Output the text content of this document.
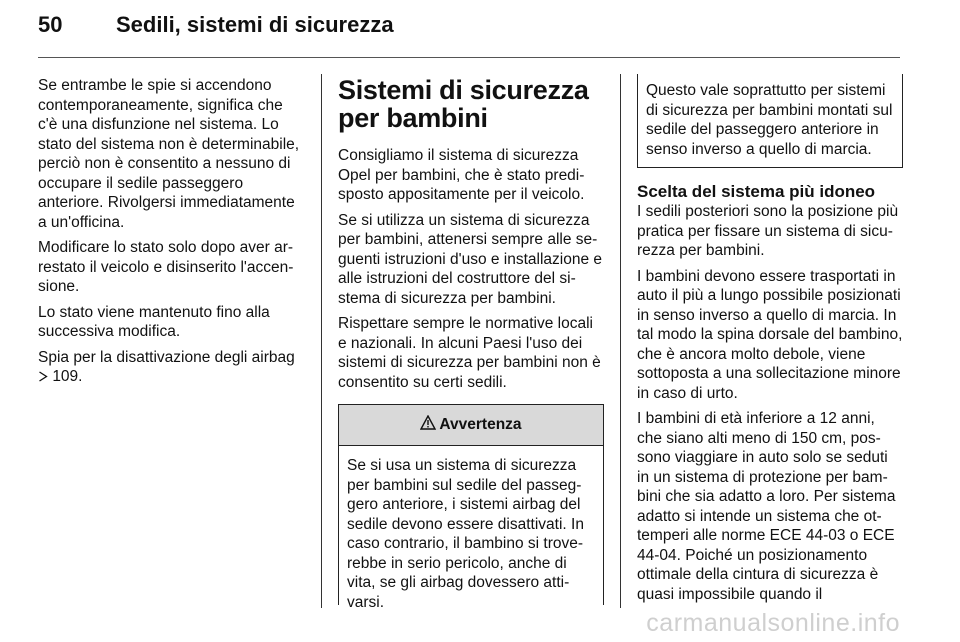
50 Sedili, sistemi di sicurezza

Se entrambe le spie si accendono contemporaneamente, significa che c'è una disfunzione nel sistema. Lo stato del sistema non è determinabile, perciò non è consentito a nessuno di occupare il sedile passeggero anteriore. Rivolgersi immediatamente a un'officina.

Modificare lo stato solo dopo aver arrestato il veicolo e disinserito l'accensione.

Lo stato viene mantenuto fino alla successiva modifica.

Spia per la disattivazione degli airbag
109.

Sistemi di sicurezza per bambini

Consigliamo il sistema di sicurezza Opel per bambini, che è stato predisposto appositamente per il veicolo.

Se si utilizza un sistema di sicurezza per bambini, attenersi sempre alle seguenti istruzioni d'uso e installazione e alle istruzioni del costruttore del sistema di sicurezza per bambini.

Rispettare sempre le normative locali e nazionali. In alcuni Paesi l'uso dei sistemi di sicurezza per bambini non è consentito su certi sedili.

Avvertenza
Se si usa un sistema di sicurezza per bambini sul sedile del passeggero anteriore, i sistemi airbag del sedile devono essere disattivati. In caso contrario, il bambino si troverebbe in serio pericolo, anche di vita, se gli airbag dovessero attivarsi.
Questo vale soprattutto per sistemi di sicurezza per bambini montati sul sedile del passeggero anteriore in senso inverso a quello di marcia.
Scelta del sistema più idoneo

I sedili posteriori sono la posizione più pratica per fissare un sistema di sicurezza per bambini.

I bambini devono essere trasportati in auto il più a lungo possibile posizionati in senso inverso a quello di marcia. In tal modo la spina dorsale del bambino, che è ancora molto debole, viene sottoposta a una sollecitazione minore in caso di urto.

I bambini di età inferiore a 12 anni, che siano alti meno di 150 cm, possono viaggiare in auto solo se seduti in un sistema di protezione per bambini che sia adatto a loro. Per sistema adatto si intende un sistema che ottemperi alle norme ECE 44-03 o ECE 44-04. Poiché un posizionamento ottimale della cintura di sicurezza è quasi impossibile quando il

carmanualsonline.info
